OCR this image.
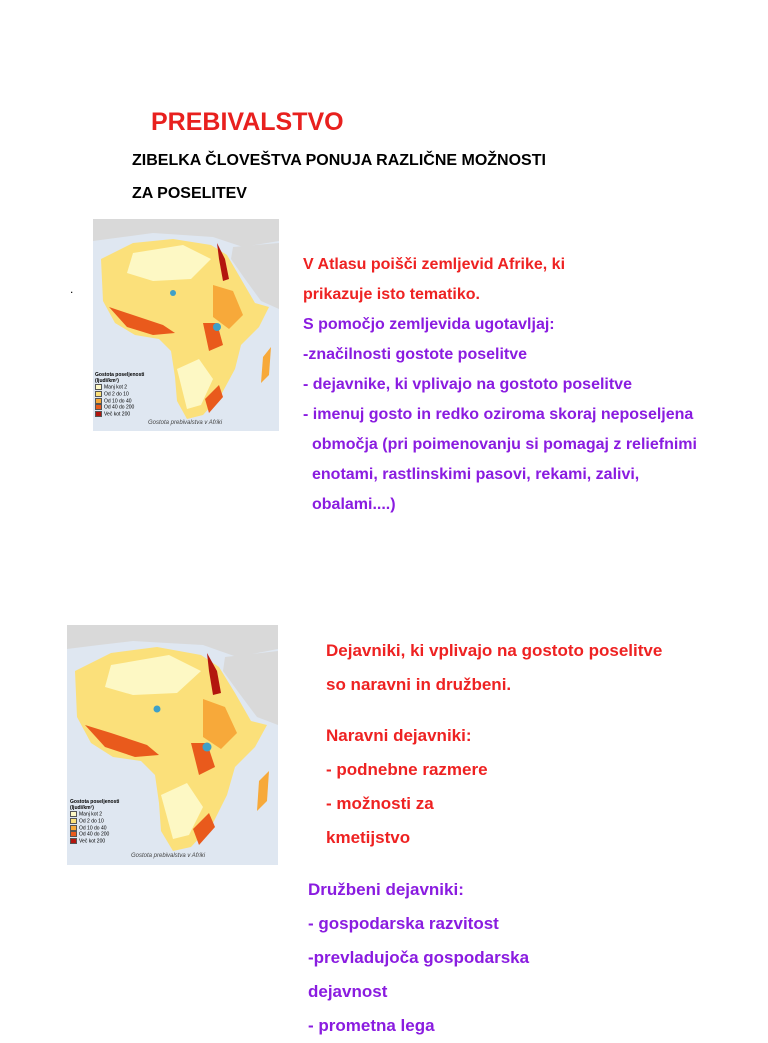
PREBIVALSTVO
ZIBELKA ČLOVEŠTVA PONUJA RAZLIČNE MOŽNOSTI
ZA POSELITEV
.
Gostota poseljenosti
(ljudi/km²)
Manj kot 2
Od 2 do 10
Od 10 do 40
Od 40 do 200
Več kot 200
Gostota prebivalstva v Afriki
V Atlasu poišči zemljevid Afrike, ki
prikazuje isto tematiko.
S pomočjo zemljevida ugotavljaj:
-značilnosti gostote poselitve
- dejavnike, ki vplivajo na gostoto poselitve
- imenuj gosto in redko oziroma skoraj neposeljena
območja (pri poimenovanju si pomagaj z reliefnimi
enotami, rastlinskimi pasovi, rekami, zalivi,
obalami....)
Gostota poseljenosti
(ljudi/km²)
Manj kot 2
Od 2 do 10
Od 10 do 40
Od 40 do 200
Več kot 200
Gostota prebivalstva v Afriki
Dejavniki, ki vplivajo na gostoto poselitve
so naravni in družbeni.
Naravni dejavniki:
- podnebne razmere
- možnosti za
kmetijstvo
Družbeni dejavniki:
- gospodarska razvitost
-prevladujoča gospodarska
dejavnost
- prometna lega
